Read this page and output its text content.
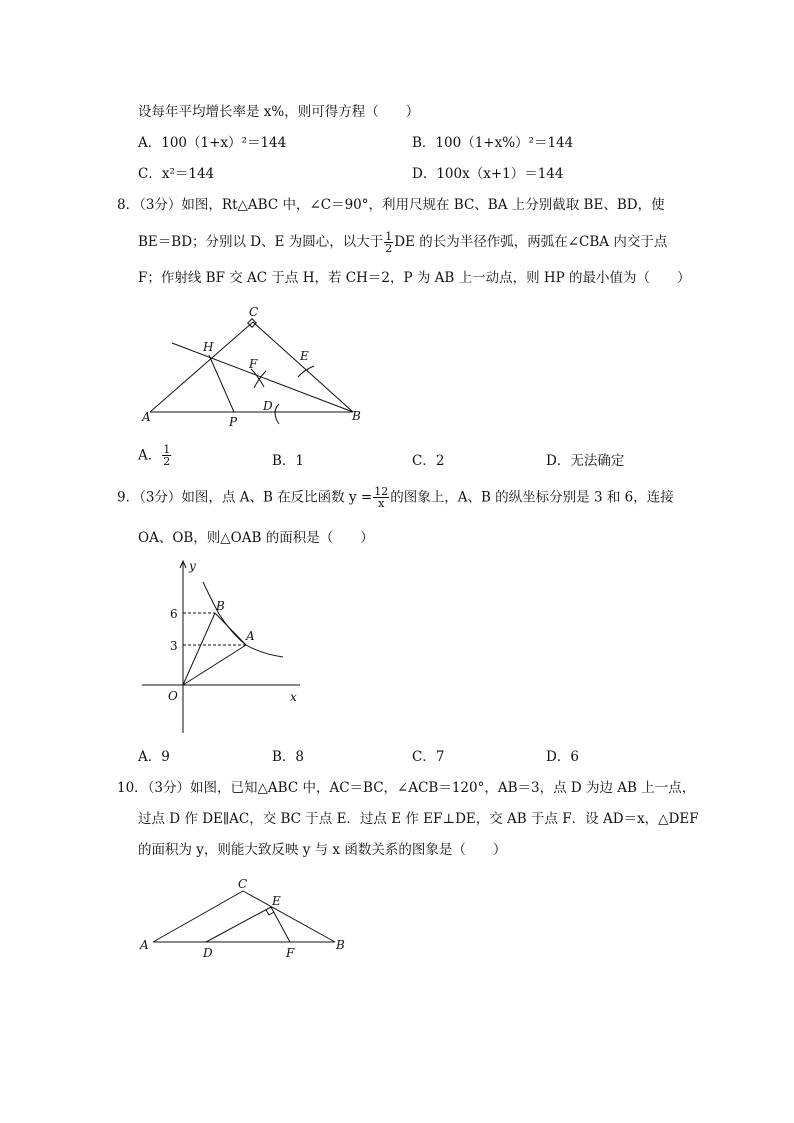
设每年平均增长率是 x%，则可得方程（　　）
A．100（1+x）²＝144	B．100（1+x%）²＝144
C．x²＝144	D．100x（x+1）＝144
8．（3分）如图，Rt△ABC 中，∠C＝90°，利用尺规在 BC、BA 上分别截取 BE、BD，使
BE＝BD；分别以 D、E 为圆心，以大于 $\frac{1}{2}$ DE 的长为半径作弧，两弧在∠CBA 内交于点
F；作射线 BF 交 AC 于点 H，若 CH＝2，P 为 AB 上一动点，则 HP 的最小值为（　　）
A	B
C
H
F
E
D
P
A． $\frac{1}{2}$	B．1	C．2	D．无法确定
9．（3分）如图，点 A、B 在反比函数 $y = \frac{12}{x}$ 的图象上，A、B 的纵坐标分别是 3 和 6，连接
OA、OB，则△OAB 的面积是（　　）
y
x
O
B
A
6
3
A．9	B．8	C．7	D．6
10．（3分）如图，已知△ABC 中，AC＝BC，∠ACB＝120°，AB＝3，点 D 为边 AB 上一点，
过点 D 作 DE∥AC，交 BC 于点 E．过点 E 作 EF⊥DE，交 AB 于点 F．设 AD＝x，△DEF
的面积为 y，则能大致反映 y 与 x 函数关系的图象是（　　）
A	B
C
D
E
F
